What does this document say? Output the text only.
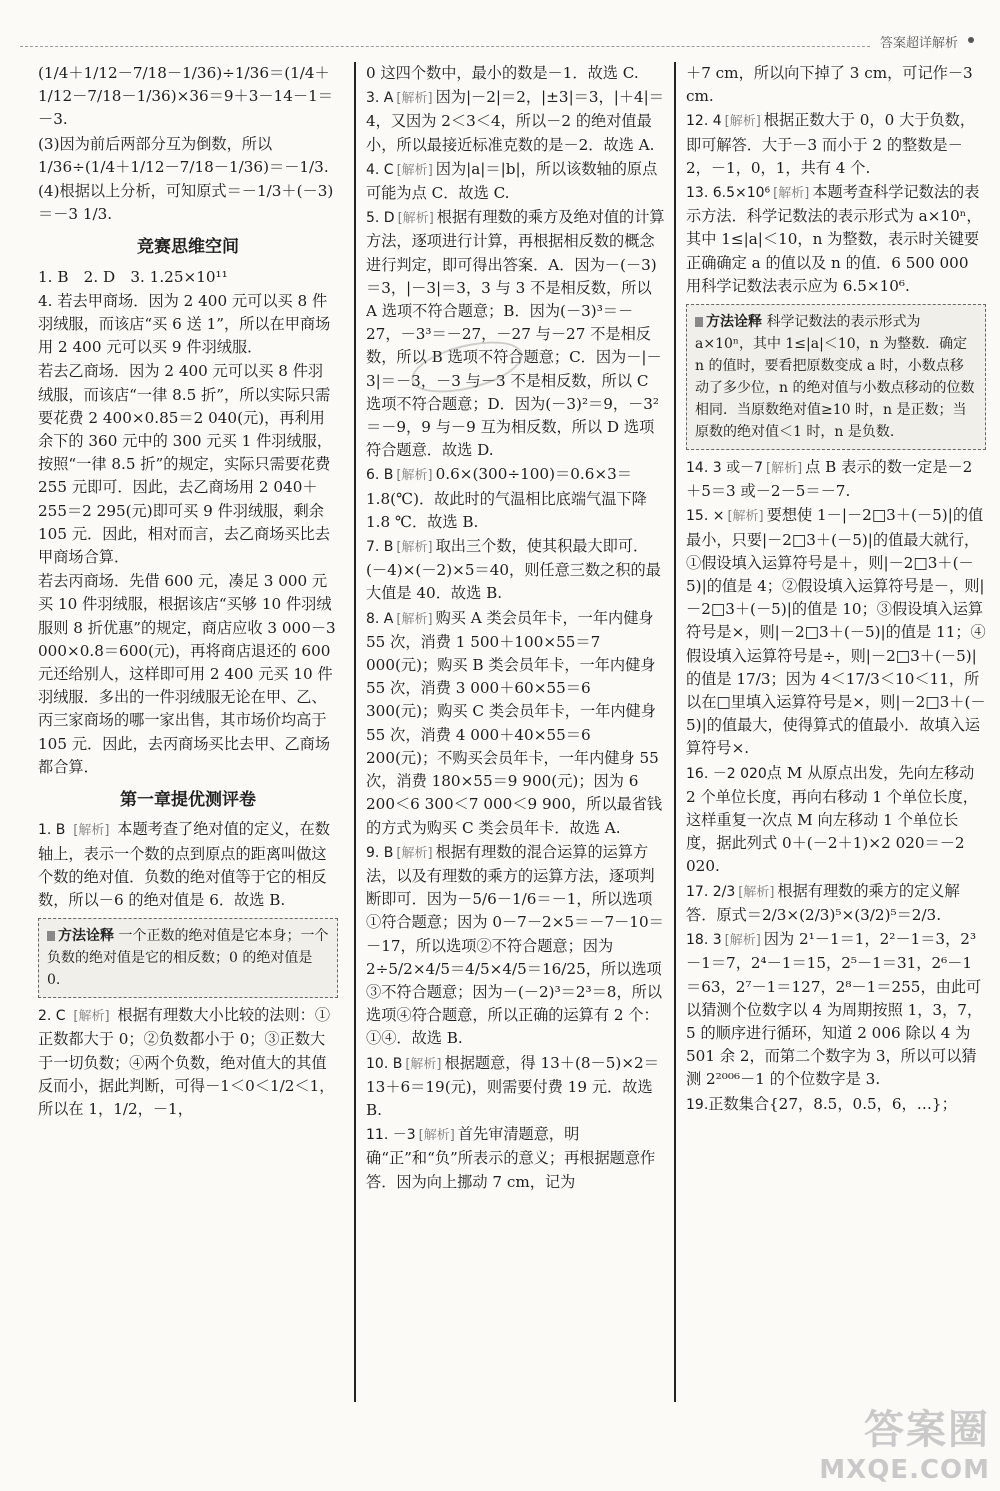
答案超详解析

(1/4＋1/12－7/18－1/36)÷1/36＝(1/4＋1/12－7/18－1/36)×36＝9＋3－14－1＝－3.

(3)因为前后两部分互为倒数，所以1/36÷(1/4＋1/12－7/18－1/36)＝－1/3.

(4)根据以上分析，可知原式＝－1/3＋(－3)＝－3 1/3.

竞赛思维空间

1. B　2. D　3. 1.25×10¹¹

4. 若去甲商场．因为 2 400 元可以买 8 件羽绒服，而该店“买 6 送 1”，所以在甲商场用 2 400 元可以买 9 件羽绒服．

若去乙商场．因为 2 400 元可以买 8 件羽绒服，而该店“一律 8.5 折”，所以实际只需要花费 2 400×0.85＝2 040(元)，再利用余下的 360 元中的 300 元买 1 件羽绒服，按照“一律 8.5 折”的规定，实际只需要花费 255 元即可．因此，去乙商场用 2 040＋255＝2 295(元)即可买 9 件羽绒服，剩余 105 元．因此，相对而言，去乙商场买比去甲商场合算．

若去丙商场．先借 600 元，凑足 3 000 元买 10 件羽绒服，根据该店“买够 10 件羽绒服则 8 折优惠”的规定，商店应收 3 000－3 000×0.8＝600(元)，再将商店退还的 600 元还给别人，这样即可用 2 400 元买 10 件羽绒服．多出的一件羽绒服无论在甲、乙、丙三家商场的哪一家出售，其市场价均高于 105 元．因此，去丙商场买比去甲、乙商场都合算．

第一章提优测评卷

1. B [ 解析 ] 本题考查了绝对值的定义，在数轴上，表示一个数的点到原点的距离叫做这个数的绝对值．负数的绝对值等于它的相反数，所以－6 的绝对值是 6．故选 B.

方法诠释 一个正数的绝对值是它本身；一个负数的绝对值是它的相反数；0 的绝对值是 0.

2. C [ 解析 ] 根据有理数大小比较的法则：①正数都大于 0；②负数都小于 0；③正数大于一切负数；④两个负数，绝对值大的其值反而小，据此判断，可得－1＜0＜1/2＜1，所以在 1，1/2，－1，

0 这四个数中，最小的数是－1．故选 C.

3. A [ 解析 ] 因为|－2|＝2，|±3|＝3，|＋4|＝4，又因为 2＜3＜4，所以－2 的绝对值最小，所以最接近标准克数的是－2．故选 A.

4. C [ 解析 ] 因为|a|＝|b|，所以该数轴的原点可能为点 C．故选 C.

5. D [ 解析 ] 根据有理数的乘方及绝对值的计算方法，逐项进行计算，再根据相反数的概念进行判定，即可得出答案．A．因为－(－3)＝3，|－3|＝3，3 与 3 不是相反数，所以 A 选项不符合题意；B．因为(－3)³＝－27，－3³＝－27，－27 与－27 不是相反数，所以 B 选项不符合题意；C．因为－|－3|＝－3，－3 与－3 不是相反数，所以 C 选项不符合题意；D．因为(－3)²＝9，－3²＝－9，9 与－9 互为相反数，所以 D 选项符合题意．故选 D.

6. B [ 解析 ] 0.6×(300÷100)＝0.6×3＝1.8(℃)．故此时的气温相比底端气温下降 1.8 ℃．故选 B.

7. B [ 解析 ] 取出三个数，使其积最大即可．(－4)×(－2)×5＝40，则任意三数之积的最大值是 40．故选 B.

8. A [ 解析 ] 购买 A 类会员年卡，一年内健身 55 次，消费 1 500＋100×55＝7 000(元)；购买 B 类会员年卡，一年内健身 55 次，消费 3 000＋60×55＝6 300(元)；购买 C 类会员年卡，一年内健身 55 次，消费 4 000＋40×55＝6 200(元)；不购买会员年卡，一年内健身 55 次，消费 180×55＝9 900(元)；因为 6 200＜6 300＜7 000＜9 900，所以最省钱的方式为购买 C 类会员年卡．故选 A.

9. B [ 解析 ] 根据有理数的混合运算的运算方法，以及有理数的乘方的运算方法，逐项判断即可．因为－5/6－1/6＝－1，所以选项①符合题意；因为 0－7－2×5＝－7－10＝－17，所以选项②不符合题意；因为 2÷5/2×4/5＝4/5×4/5＝16/25，所以选项③不符合题意；因为－(－2)³＝2³＝8，所以选项④符合题意，所以正确的运算有 2 个：①④．故选 B.

10. B [ 解析 ] 根据题意，得 13＋(8－5)×2＝13＋6＝19(元)，则需要付费 19 元．故选 B.

11. －3 [ 解析 ] 首先审清题意，明确“正”和“负”所表示的意义；再根据题意作答．因为向上挪动 7 cm，记为

＋7 cm，所以向下掉了 3 cm，可记作－3 cm.

12. 4 [ 解析 ] 根据正数大于 0，0 大于负数，即可解答．大于－3 而小于 2 的整数是－2，－1，0，1，共有 4 个.

13. 6.5×10⁶ [ 解析 ] 本题考查科学记数法的表示方法．科学记数法的表示形式为 a×10ⁿ，其中 1≤|a|＜10，n 为整数，表示时关键要正确确定 a 的值以及 n 的值．6 500 000 用科学记数法表示应为 6.5×10⁶.

方法诠释 科学记数法的表示形式为 a×10ⁿ，其中 1≤|a|＜10，n 为整数．确定 n 的值时，要看把原数变成 a 时，小数点移动了多少位，n 的绝对值与小数点移动的位数相同．当原数绝对值≥10 时，n 是正数；当原数的绝对值＜1 时，n 是负数.

14. 3 或－7 [ 解析 ] 点 B 表示的数一定是－2＋5＝3 或－2－5＝－7.

15. × [ 解析 ] 要想使 1－|－2□3＋(－5)|的值最小，只要|－2□3＋(－5)|的值最大就行，①假设填入运算符号是＋，则|－2□3＋(－5)|的值是 4；②假设填入运算符号是－，则|－2□3＋(－5)|的值是 10；③假设填入运算符号是×，则|－2□3＋(－5)|的值是 11；④假设填入运算符号是÷，则|－2□3＋(－5)|的值是 17/3；因为 4＜17/3＜10＜11，所以在□里填入运算符号是×，则|－2□3＋(－5)|的值最大，使得算式的值最小．故填入运算符号×.

16. －2 020点 M 从原点出发，先向左移动 2 个单位长度，再向右移动 1 个单位长度，这样重复一次点 M 向左移动 1 个单位长度，据此列式 0＋(－2＋1)×2 020＝－2 020.

17. 2/3 [ 解析 ] 根据有理数的乘方的定义解答．原式＝2/3×(2/3)⁵×(3/2)⁵＝2/3.

18. 3 [ 解析 ] 因为 2¹－1＝1，2²－1＝3，2³－1＝7，2⁴－1＝15，2⁵－1＝31，2⁶－1＝63，2⁷－1＝127，2⁸－1＝255，由此可以猜测个位数字以 4 为周期按照 1，3，7，5 的顺序进行循环，知道 2 006 除以 4 为 501 余 2，而第二个数字为 3，所以可以猜测 2²⁰⁰⁶－1 的个位数字是 3.

19.正数集合{27，8.5，0.5，6，…}；

答案圈
MXQE.COM
